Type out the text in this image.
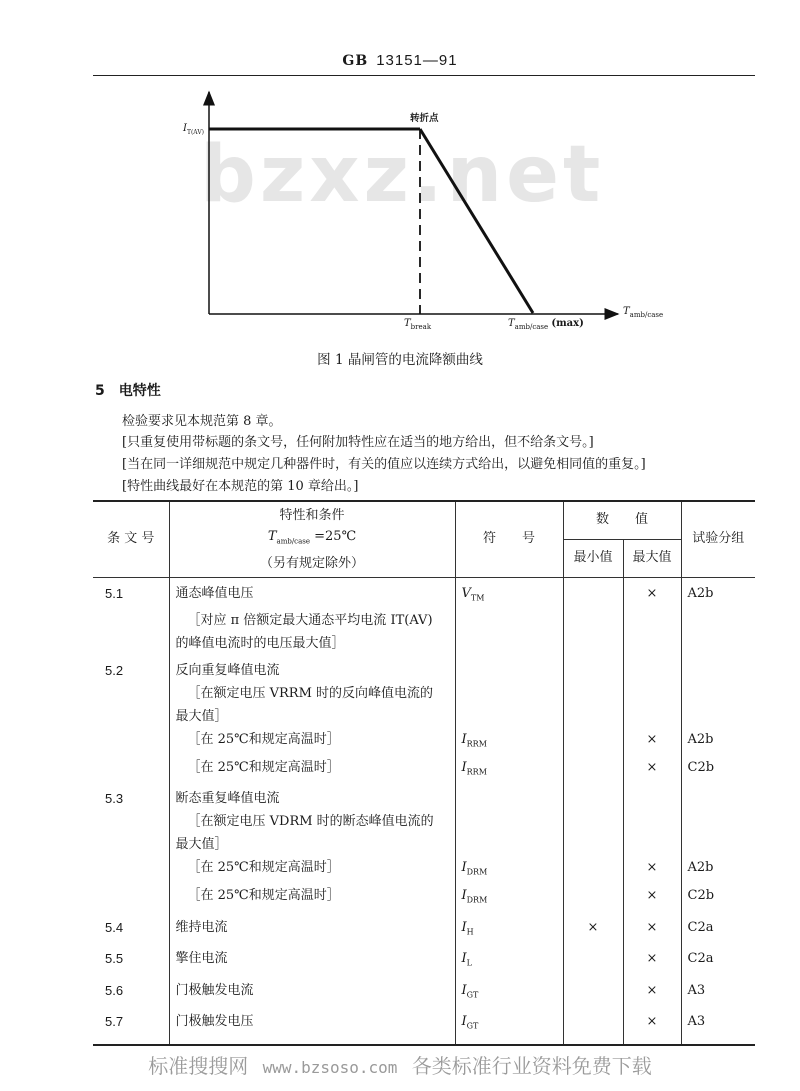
GB 13151—91
bzxz.net
$I_{T(AV)}$
转折点
$T_{break}$	$T_{amb/case}$ (max)
$T_{amb/case}$
图 1 晶闸管的电流降额曲线
5 电特性
检验要求见本规范第 8 章。
[只重复使用带标题的条文号，任何附加特性应在适当的地方给出，但不给条文号。]
[当在同一详细规范中规定几种器件时，有关的值应以连续方式给出，以避免相同值的重复。]
[特性曲线最好在本规范的第 10 章给出。]
条 文 号	特性和条件
$T_{amb/case}$ =25℃
（另有规定除外）	符　　号	数　　值		试验分组
			最小值	最大值	
5.1	通态峰值电压	$V_{TM}$		×	A2b
	［对应 π 倍额定最大通态平均电流 IT(AV)				
	的峰值电流时的电压最大值］				
5.2	反向重复峰值电流				
	［在额定电压 VRRM 时的反向峰值电流的				
	最大值］				
	［在 25℃和规定高温时］	$I_{RRM}$		×	A2b
	［在 25℃和规定高温时］	$I_{RRM}$		×	C2b
5.3	断态重复峰值电流				
	［在额定电压 VDRM 时的断态峰值电流的				
	最大值］				
	［在 25℃和规定高温时］	$I_{DRM}$		×	A2b
	［在 25℃和规定高温时］	$I_{DRM}$		×	C2b
5.4	维持电流	$I_H$	×	×	C2a
5.5	擎住电流	$I_L$		×	C2a
5.6	门极触发电流	$I_{GT}$		×	A3
5.7	门极触发电压	$I_{GT}$		×	A3
标准搜搜网 www.bzsoso.com 各类标准行业资料免费下载
